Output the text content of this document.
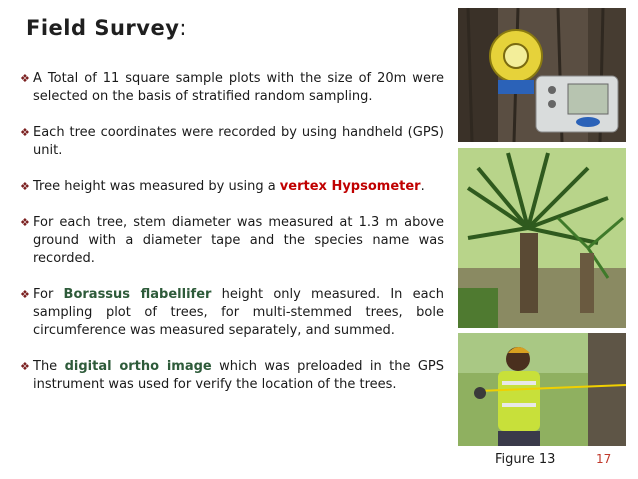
Field Survey:
❖ A Total of 11 square sample plots with the size of 20m were selected on the basis of stratified random sampling.
❖ Each tree coordinates were recorded by using handheld (GPS) unit.
❖ Tree height was measured by using a vertex Hypsometer.
❖ For each tree, stem diameter was measured at 1.3 m above ground with a diameter tape and the species name was recorded.
❖ For Borassus flabellifer height only measured. In each sampling plot of trees, for multi-stemmed trees, bole circumference was measured separately, and summed.
❖ The digital ortho image which was preloaded in the GPS instrument was used for verify the location of the trees.
Figure 13	17
